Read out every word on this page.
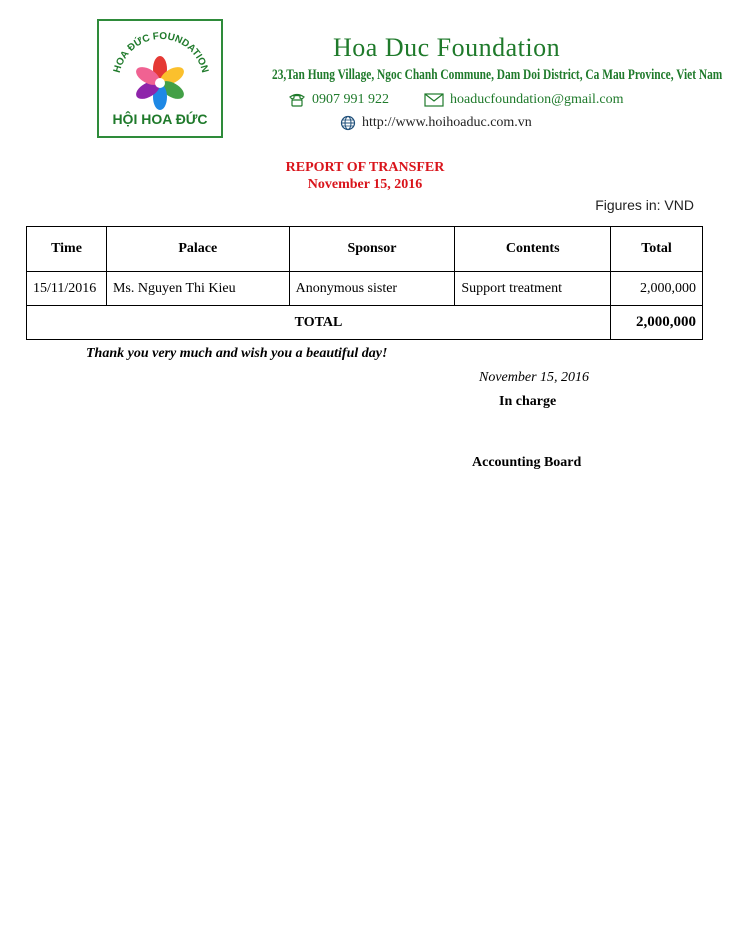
HOA ĐỨC FOUNDATION
HỘI HOA ĐỨC
Hoa Duc Foundation
23,Tan Hung Village, Ngoc Chanh Commune, Dam Doi District, Ca Mau Province, Viet Nam
0907 991 922	hoaducfoundation@gmail.com
http://www.hoihoaduc.com.vn
REPORT OF TRANSFER
November 15, 2016
Figures in: VND
Time	Palace	Sponsor	Contents	Total
15/11/2016	Ms. Nguyen Thi Kieu	Anonymous sister	Support treatment	2,000,000
TOTAL				2,000,000
Thank you very much and wish you a beautiful day!
November 15, 2016
In charge
Accounting Board
